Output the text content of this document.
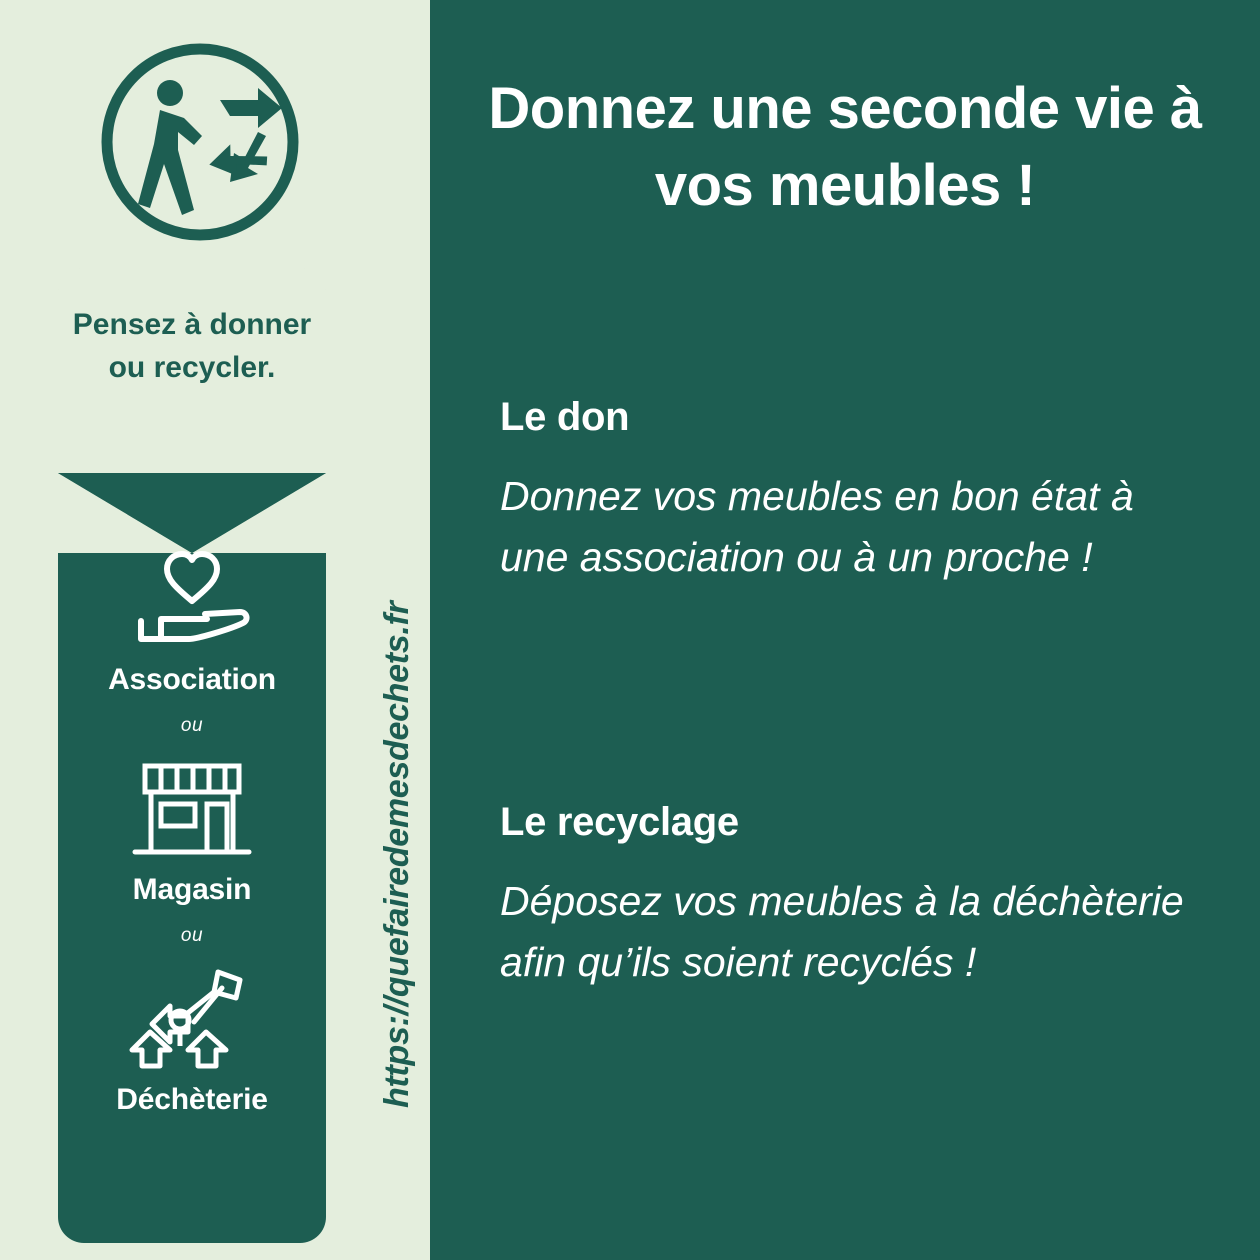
Donnez une seconde vie à vos meubles !
Le don

Donnez vos meubles en bon état à une association ou à un proche !

Le recyclage

Déposez vos meubles à la déchèterie afin qu’ils soient recyclés !

Pensez à donner ou recycler.
Association
ou
Magasin
ou
Déchèterie	https://quefairedemesdechets.fr
